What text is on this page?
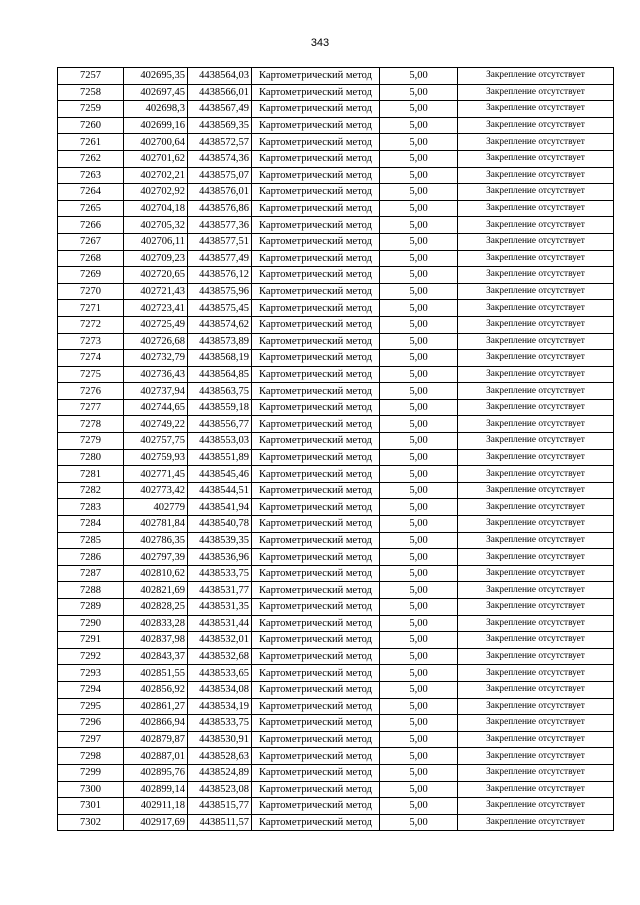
343
7257	402695,35	4438564,03	Картометрический метод	5,00	Закрепление отсутствует
7258	402697,45	4438566,01	Картометрический метод	5,00	Закрепление отсутствует
7259	402698,3	4438567,49	Картометрический метод	5,00	Закрепление отсутствует
7260	402699,16	4438569,35	Картометрический метод	5,00	Закрепление отсутствует
7261	402700,64	4438572,57	Картометрический метод	5,00	Закрепление отсутствует
7262	402701,62	4438574,36	Картометрический метод	5,00	Закрепление отсутствует
7263	402702,21	4438575,07	Картометрический метод	5,00	Закрепление отсутствует
7264	402702,92	4438576,01	Картометрический метод	5,00	Закрепление отсутствует
7265	402704,18	4438576,86	Картометрический метод	5,00	Закрепление отсутствует
7266	402705,32	4438577,36	Картометрический метод	5,00	Закрепление отсутствует
7267	402706,11	4438577,51	Картометрический метод	5,00	Закрепление отсутствует
7268	402709,23	4438577,49	Картометрический метод	5,00	Закрепление отсутствует
7269	402720,65	4438576,12	Картометрический метод	5,00	Закрепление отсутствует
7270	402721,43	4438575,96	Картометрический метод	5,00	Закрепление отсутствует
7271	402723,41	4438575,45	Картометрический метод	5,00	Закрепление отсутствует
7272	402725,49	4438574,62	Картометрический метод	5,00	Закрепление отсутствует
7273	402726,68	4438573,89	Картометрический метод	5,00	Закрепление отсутствует
7274	402732,79	4438568,19	Картометрический метод	5,00	Закрепление отсутствует
7275	402736,43	4438564,85	Картометрический метод	5,00	Закрепление отсутствует
7276	402737,94	4438563,75	Картометрический метод	5,00	Закрепление отсутствует
7277	402744,65	4438559,18	Картометрический метод	5,00	Закрепление отсутствует
7278	402749,22	4438556,77	Картометрический метод	5,00	Закрепление отсутствует
7279	402757,75	4438553,03	Картометрический метод	5,00	Закрепление отсутствует
7280	402759,93	4438551,89	Картометрический метод	5,00	Закрепление отсутствует
7281	402771,45	4438545,46	Картометрический метод	5,00	Закрепление отсутствует
7282	402773,42	4438544,51	Картометрический метод	5,00	Закрепление отсутствует
7283	402779	4438541,94	Картометрический метод	5,00	Закрепление отсутствует
7284	402781,84	4438540,78	Картометрический метод	5,00	Закрепление отсутствует
7285	402786,35	4438539,35	Картометрический метод	5,00	Закрепление отсутствует
7286	402797,39	4438536,96	Картометрический метод	5,00	Закрепление отсутствует
7287	402810,62	4438533,75	Картометрический метод	5,00	Закрепление отсутствует
7288	402821,69	4438531,77	Картометрический метод	5,00	Закрепление отсутствует
7289	402828,25	4438531,35	Картометрический метод	5,00	Закрепление отсутствует
7290	402833,28	4438531,44	Картометрический метод	5,00	Закрепление отсутствует
7291	402837,98	4438532,01	Картометрический метод	5,00	Закрепление отсутствует
7292	402843,37	4438532,68	Картометрический метод	5,00	Закрепление отсутствует
7293	402851,55	4438533,65	Картометрический метод	5,00	Закрепление отсутствует
7294	402856,92	4438534,08	Картометрический метод	5,00	Закрепление отсутствует
7295	402861,27	4438534,19	Картометрический метод	5,00	Закрепление отсутствует
7296	402866,94	4438533,75	Картометрический метод	5,00	Закрепление отсутствует
7297	402879,87	4438530,91	Картометрический метод	5,00	Закрепление отсутствует
7298	402887,01	4438528,63	Картометрический метод	5,00	Закрепление отсутствует
7299	402895,76	4438524,89	Картометрический метод	5,00	Закрепление отсутствует
7300	402899,14	4438523,08	Картометрический метод	5,00	Закрепление отсутствует
7301	402911,18	4438515,77	Картометрический метод	5,00	Закрепление отсутствует
7302	402917,69	4438511,57	Картометрический метод	5,00	Закрепление отсутствует
